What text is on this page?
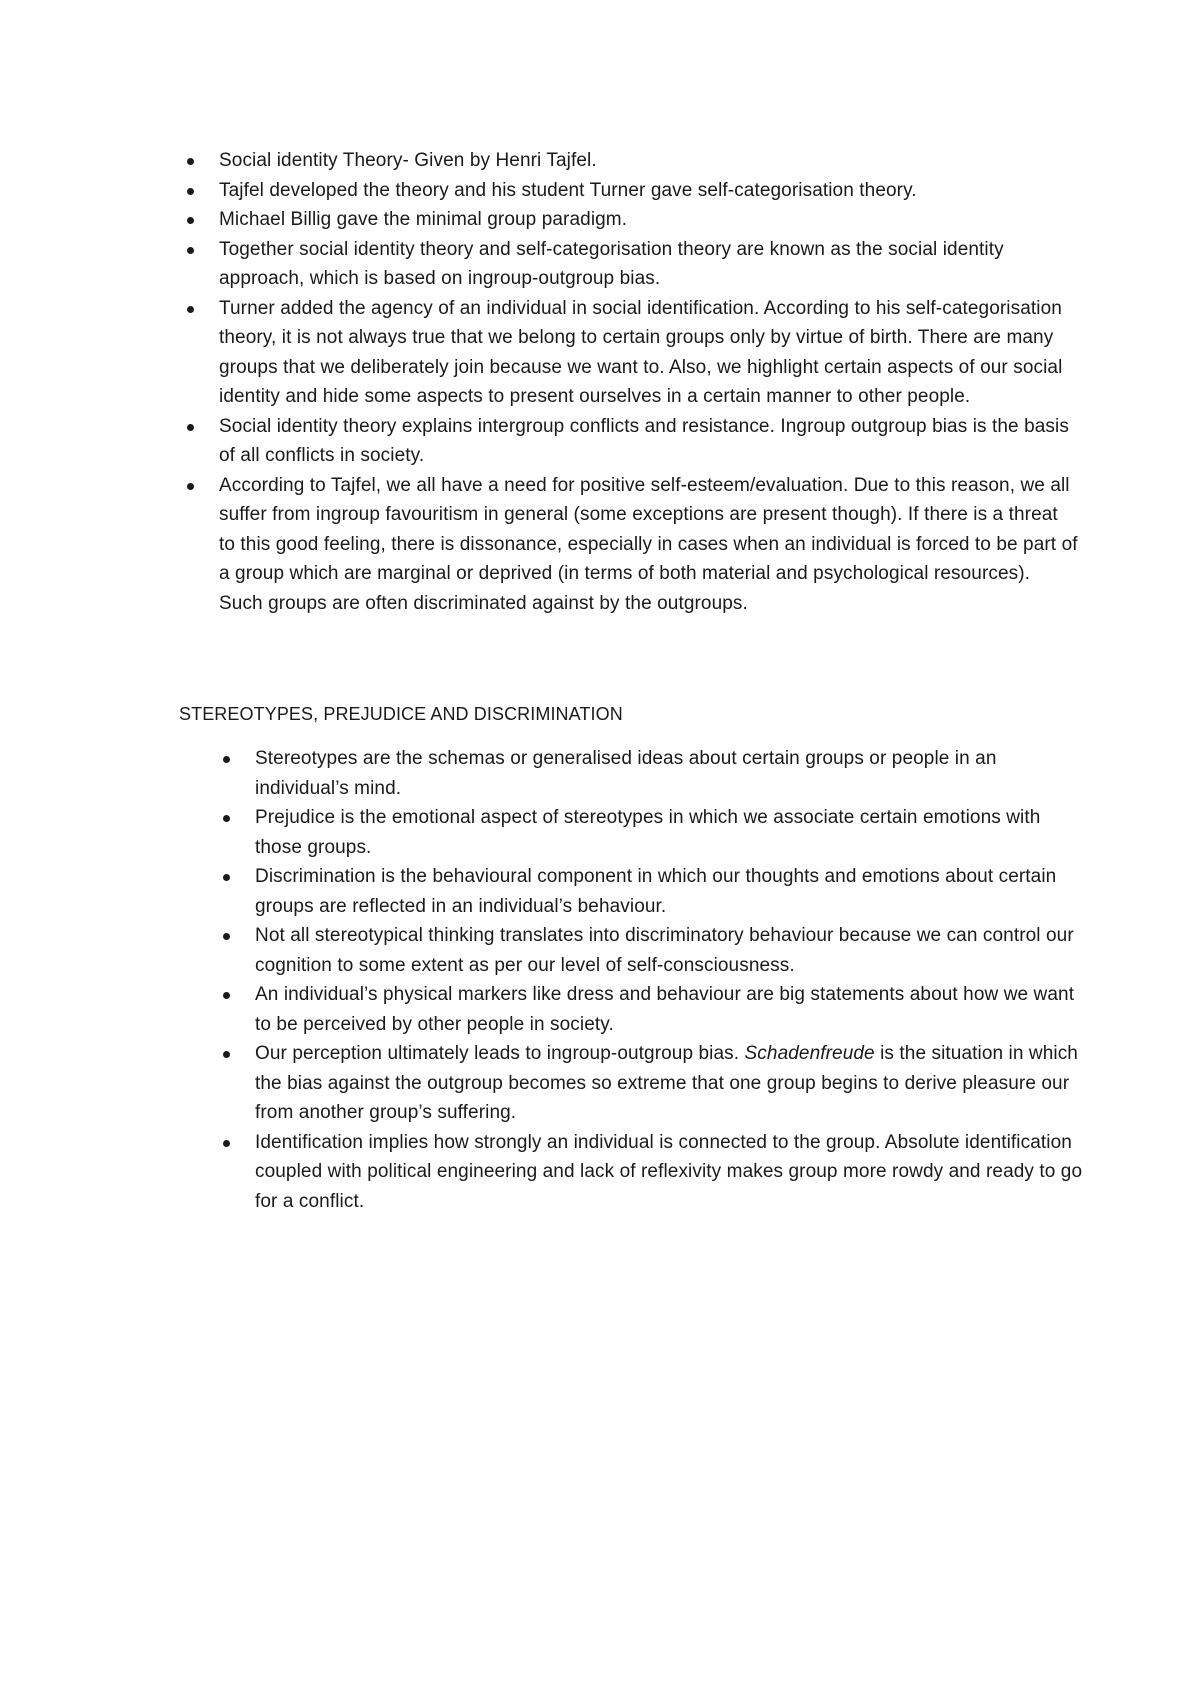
Social identity Theory- Given by Henri Tajfel.
Tajfel developed the theory and his student Turner gave self-categorisation theory.
Michael Billig gave the minimal group paradigm.
Together social identity theory and self-categorisation theory are known as the social identity approach, which is based on ingroup-outgroup bias.
Turner added the agency of an individual in social identification. According to his self-categorisation theory, it is not always true that we belong to certain groups only by virtue of birth. There are many groups that we deliberately join because we want to. Also, we highlight certain aspects of our social identity and hide some aspects to present ourselves in a certain manner to other people.
Social identity theory explains intergroup conflicts and resistance. Ingroup outgroup bias is the basis of all conflicts in society.
According to Tajfel, we all have a need for positive self-esteem/evaluation. Due to this reason, we all suffer from ingroup favouritism in general (some exceptions are present though). If there is a threat to this good feeling, there is dissonance, especially in cases when an individual is forced to be part of a group which are marginal or deprived (in terms of both material and psychological resources). Such groups are often discriminated against by the outgroups.
STEREOTYPES, PREJUDICE AND DISCRIMINATION
Stereotypes are the schemas or generalised ideas about certain groups or people in an individual’s mind.
Prejudice is the emotional aspect of stereotypes in which we associate certain emotions with those groups.
Discrimination is the behavioural component in which our thoughts and emotions about certain groups are reflected in an individual’s behaviour.
Not all stereotypical thinking translates into discriminatory behaviour because we can control our cognition to some extent as per our level of self-consciousness.
An individual’s physical markers like dress and behaviour are big statements about how we want to be perceived by other people in society.
Our perception ultimately leads to ingroup-outgroup bias. Schadenfreude is the situation in which the bias against the outgroup becomes so extreme that one group begins to derive pleasure our from another group’s suffering.
Identification implies how strongly an individual is connected to the group. Absolute identification coupled with political engineering and lack of reflexivity makes group more rowdy and ready to go for a conflict.
